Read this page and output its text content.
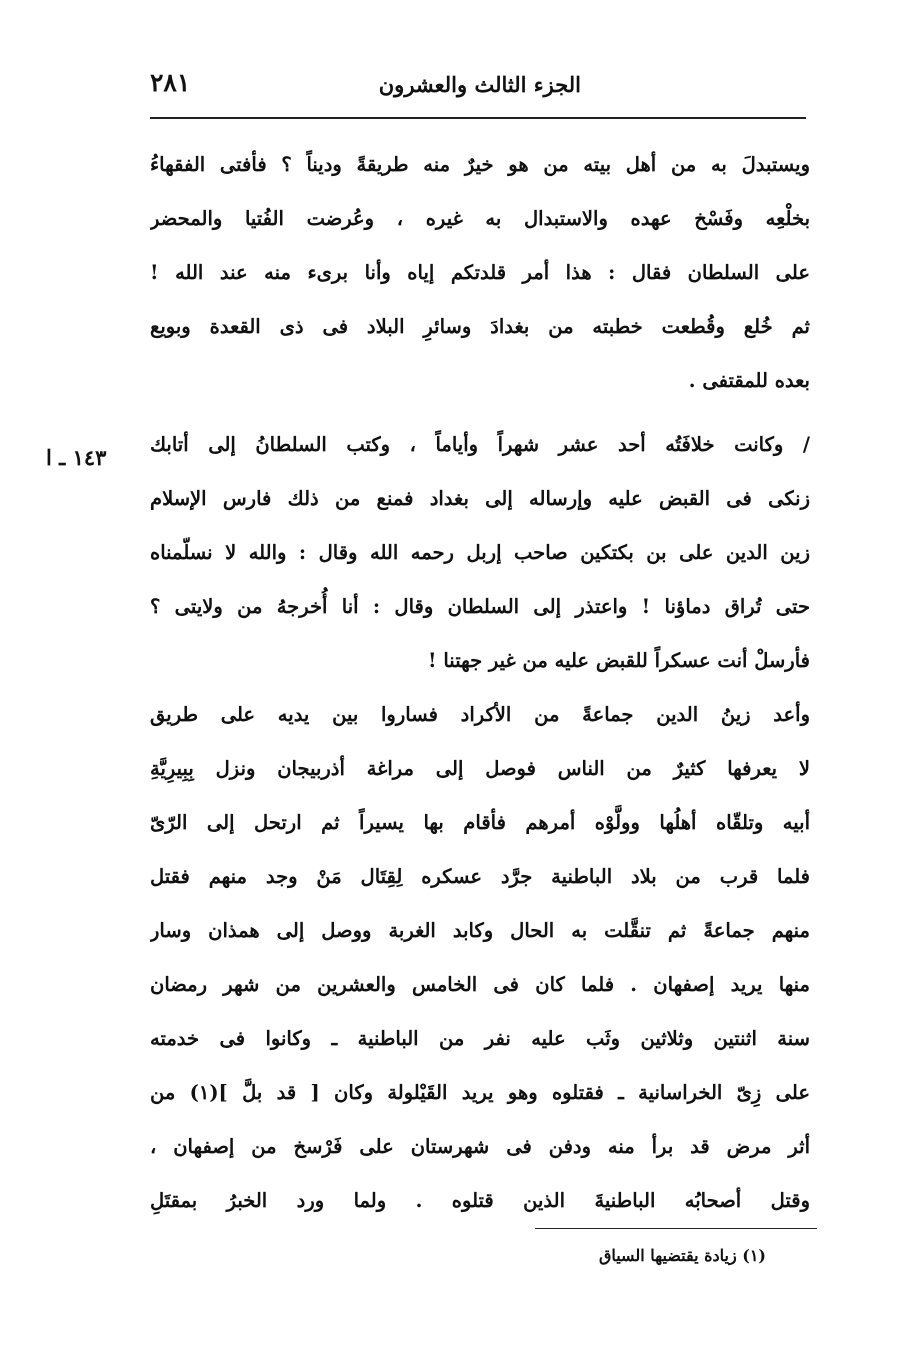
الجزء الثالث والعشرون
٢٨١
١٤٣ ـ ا
ويستبدلَ به من أهل بيته من هو خيرٌ منه طريقةً وديناً ؟ فأفتى الفقهاءُ
بخلْعِه وفَسْخ عهده والاستبدال به غيره ، وعُرضت الفُتيا والمحضر
على السلطان فقال : هذا أمر قلدتكم إياه وأنا برىء منه عند الله !
ثم خُلع وقُطعت خطبته من بغدادَ وسائرِ البلاد فى ذى القعدة وبويع
بعده للمقتفى .
/ وكانت خلافَتُه أحد عشر شهراً وأياماً ، وكتب السلطانُ إلى أتابك
زنكى فى القبض عليه وإرساله إلى بغداد فمنع من ذلك فارس الإسلام
زين الدين على بن بكتكين صاحب إربل رحمه الله وقال : والله لا نسلّمناه
حتى تُراق دماؤنا ! واعتذر إلى السلطان وقال : أنا أُخرجهُ من ولايتى ؟
فأرسلْ أنت عسكراً للقبض عليه من غير جهتنا !
وأعد زينُ الدين جماعةً من الأكراد فساروا بين يديه على طريق
لا يعرفها كثيرٌ من الناس فوصل إلى مراغة أذربيجان ونزل بِبِيرِيَّةِ
أبيه وتلقّاه أهلُها وولَّوْه أمرهم فأقام بها يسيراً ثم ارتحل إلى الرّىّ
فلما قرب من بلاد الباطنية جرَّد عسكره لِقِتَال مَنْ وجد منهم فقتل
منهم جماعةً ثم تنقَّلت به الحال وكابد الغربة ووصل إلى همذان وسار
منها يريد إصفهان . فلما كان فى الخامس والعشرين من شهر رمضان
سنة اثنتين وثلاثين وثَب عليه نفر من الباطنية ـ وكانوا فى خدمته
على زِىّ الخراسانية ـ فقتلوه وهو يريد القَيْلولة وكان [ قد بلَّ ](١) من
أثر مرض قد برأ منه ودفن فى شهرستان على فَرْسخ من إصفهان ،
وقتل أصحابُه الباطنيةَ الذين قتلوه . ولما ورد الخبرُ بمقتَلِ
(١) زيادة يقتضيها السياق
